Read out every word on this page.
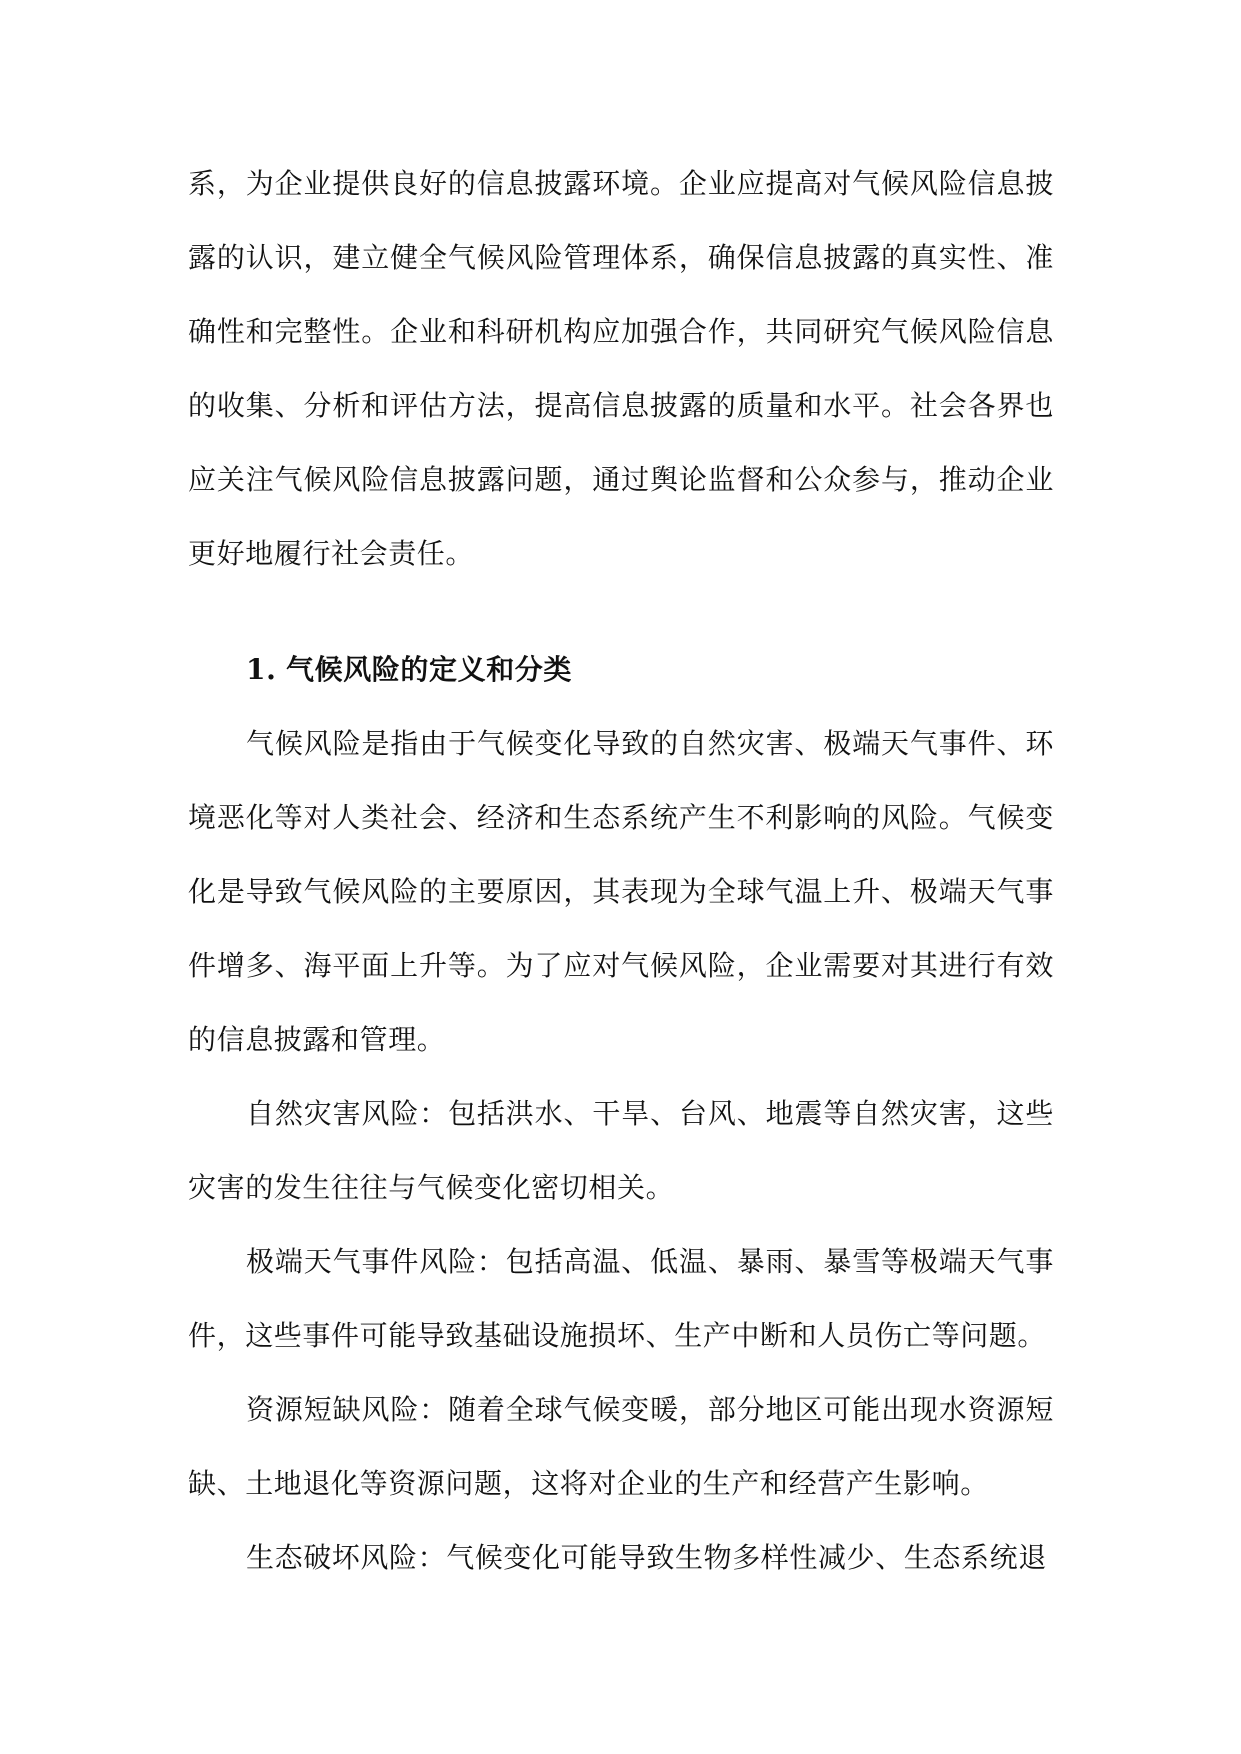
系，为企业提供良好的信息披露环境。企业应提高对气候风险信息披露的认识，建立健全气候风险管理体系，确保信息披露的真实性、准确性和完整性。企业和科研机构应加强合作，共同研究气候风险信息的收集、分析和评估方法，提高信息披露的质量和水平。社会各界也应关注气候风险信息披露问题，通过舆论监督和公众参与，推动企业更好地履行社会责任。

1. 气候风险的定义和分类

气候风险是指由于气候变化导致的自然灾害、极端天气事件、环境恶化等对人类社会、经济和生态系统产生不利影响的风险。气候变化是导致气候风险的主要原因，其表现为全球气温上升、极端天气事件增多、海平面上升等。为了应对气候风险，企业需要对其进行有效的信息披露和管理。

自然灾害风险：包括洪水、干旱、台风、地震等自然灾害，这些灾害的发生往往与气候变化密切相关。

极端天气事件风险：包括高温、低温、暴雨、暴雪等极端天气事件，这些事件可能导致基础设施损坏、生产中断和人员伤亡等问题。

资源短缺风险：随着全球气候变暖，部分地区可能出现水资源短缺、土地退化等资源问题，这将对企业的生产和经营产生影响。

生态破坏风险：气候变化可能导致生物多样性减少、生态系统退
